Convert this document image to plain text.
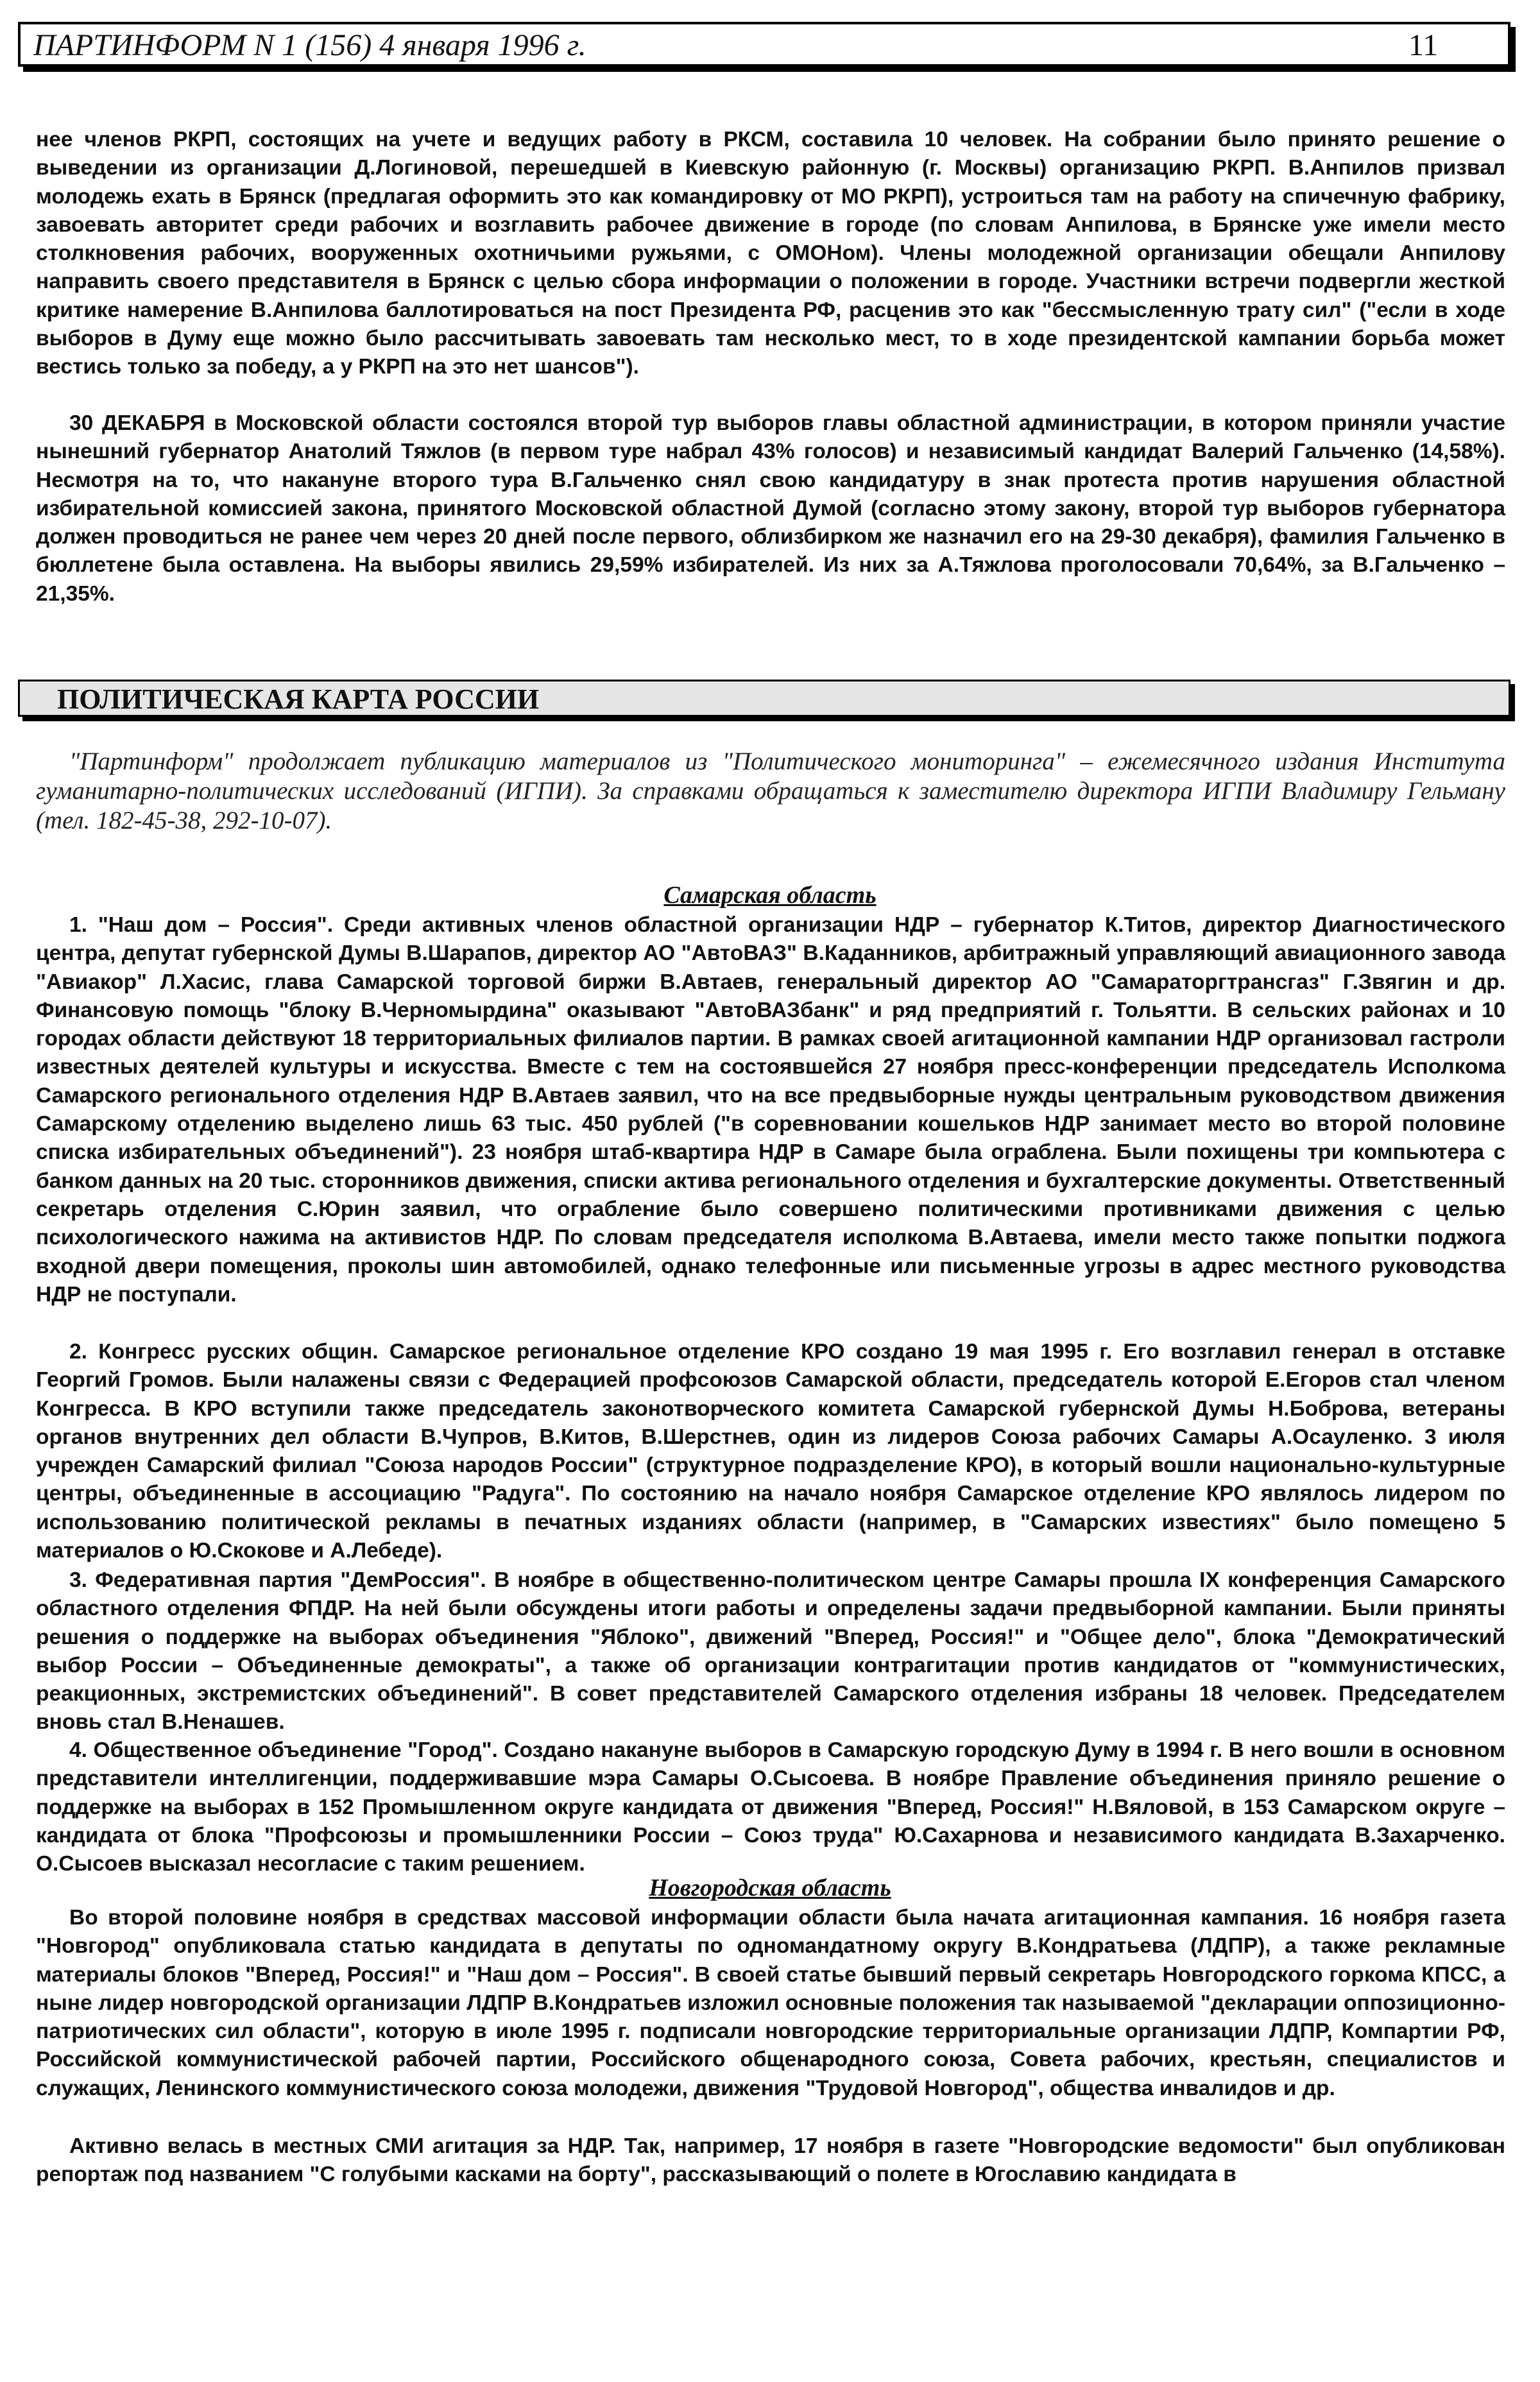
ПАРТИНФОРМ N 1 (156) 4 января 1996 г.	11

нее членов РКРП, состоящих на учете и ведущих работу в РКСМ, составила 10 человек. На собрании было принято решение о выведении из организации Д.Логиновой, перешедшей в Киевскую районную (г. Москвы) организацию РКРП. В.Анпилов призвал молодежь ехать в Брянск (предлагая оформить это как командировку от МО РКРП), устроиться там на работу на спичечную фабрику, завоевать авторитет среди рабочих и возглавить рабочее движение в городе (по словам Анпилова, в Брянске уже имели место столкновения рабочих, вооруженных охотничьими ружьями, с ОМОНом). Члены молодежной организации обещали Анпилову направить своего представителя в Брянск с целью сбора информации о положении в городе. Участники встречи подвергли жесткой критике намерение В.Анпилова баллотироваться на пост Президента РФ, расценив это как "бессмысленную трату сил" ("если в ходе выборов в Думу еще можно было рассчитывать завоевать там несколько мест, то в ходе президентской кампании борьба может вестись только за победу, а у РКРП на это нет шансов").

30 ДЕКАБРЯ в Московской области состоялся второй тур выборов главы областной администрации, в котором приняли участие нынешний губернатор Анатолий Тяжлов (в первом туре набрал 43% голосов) и независимый кандидат Валерий Гальченко (14,58%). Несмотря на то, что накануне второго тура В.Гальченко снял свою кандидатуру в знак протеста против нарушения областной избирательной комиссией закона, принятого Московской областной Думой (согласно этому закону, второй тур выборов губернатора должен проводиться не ранее чем через 20 дней после первого, облизбирком же назначил его на 29-30 декабря), фамилия Гальченко в бюллетене была оставлена. На выборы явились 29,59% избирателей. Из них за А.Тяжлова проголосовали 70,64%, за В.Гальченко – 21,35%.

ПОЛИТИЧЕСКАЯ КАРТА РОССИИ

"Партинформ" продолжает публикацию материалов из "Политического мониторинга" – ежемесячного издания Института гуманитарно-политических исследований (ИГПИ). За справками обращаться к заместителю директора ИГПИ Владимиру Гельману (тел. 182-45-38, 292-10-07).

Самарская область

1. "Наш дом – Россия". Среди активных членов областной организации НДР – губернатор К.Титов, директор Диагностического центра, депутат губернской Думы В.Шарапов, директор АО "АвтоВАЗ" В.Каданников, арбитражный управляющий авиационного завода "Авиакор" Л.Хасис, глава Самарской торговой биржи В.Автаев, генеральный директор АО "Самараторгтрансгаз" Г.Звягин и др. Финансовую помощь "блоку В.Черномырдина" оказывают "АвтоВАЗбанк" и ряд предприятий г. Тольятти. В сельских районах и 10 городах области действуют 18 территориальных филиалов партии. В рамках своей агитационной кампании НДР организовал гастроли известных деятелей культуры и искусства. Вместе с тем на состоявшейся 27 ноября пресс-конференции председатель Исполкома Самарского регионального отделения НДР В.Автаев заявил, что на все предвыборные нужды центральным руководством движения Самарскому отделению выделено лишь 63 тыс. 450 рублей ("в соревновании кошельков НДР занимает место во второй половине списка избирательных объединений"). 23 ноября штаб-квартира НДР в Самаре была ограблена. Были похищены три компьютера с банком данных на 20 тыс. сторонников движения, списки актива регионального отделения и бухгалтерские документы. Ответственный секретарь отделения С.Юрин заявил, что ограбление было совершено политическими противниками движения с целью психологического нажима на активистов НДР. По словам председателя исполкома В.Автаева, имели место также попытки поджога входной двери помещения, проколы шин автомобилей, однако телефонные или письменные угрозы в адрес местного руководства НДР не поступали.

2. Конгресс русских общин. Самарское региональное отделение КРО создано 19 мая 1995 г. Его возглавил генерал в отставке Георгий Громов. Были налажены связи с Федерацией профсоюзов Самарской области, председатель которой Е.Егоров стал членом Конгресса. В КРО вступили также председатель законотворческого комитета Самарской губернской Думы Н.Боброва, ветераны органов внутренних дел области В.Чупров, В.Китов, В.Шерстнев, один из лидеров Союза рабочих Самары А.Осауленко. 3 июля учрежден Самарский филиал "Союза народов России" (структурное подразделение КРО), в который вошли национально-культурные центры, объединенные в ассоциацию "Радуга". По состоянию на начало ноября Самарское отделение КРО являлось лидером по использованию политической рекламы в печатных изданиях области (например, в "Самарских известиях" было помещено 5 материалов о Ю.Скокове и А.Лебеде).

3. Федеративная партия "ДемРоссия". В ноябре в общественно-политическом центре Самары прошла IX конференция Самарского областного отделения ФПДР. На ней были обсуждены итоги работы и определены задачи предвыборной кампании. Были приняты решения о поддержке на выборах объединения "Яблоко", движений "Вперед, Россия!" и "Общее дело", блока "Демократический выбор России – Объединенные демократы", а также об организации контрагитации против кандидатов от "коммунистических, реакционных, экстремистских объединений". В совет представителей Самарского отделения избраны 18 человек. Председателем вновь стал В.Ненашев.

4. Общественное объединение "Город". Создано накануне выборов в Самарскую городскую Думу в 1994 г. В него вошли в основном представители интеллигенции, поддерживавшие мэра Самары О.Сысоева. В ноябре Правление объединения приняло решение о поддержке на выборах в 152 Промышленном округе кандидата от движения "Вперед, Россия!" Н.Вяловой, в 153 Самарском округе – кандидата от блока "Профсоюзы и промышленники России – Союз труда" Ю.Сахарнова и независимого кандидата В.Захарченко. О.Сысоев высказал несогласие с таким решением.

Новгородская область

Во второй половине ноября в средствах массовой информации области была начата агитационная кампания. 16 ноября газета "Новгород" опубликовала статью кандидата в депутаты по одномандатному округу В.Кондратьева (ЛДПР), а также рекламные материалы блоков "Вперед, Россия!" и "Наш дом – Россия". В своей статье бывший первый секретарь Новгородского горкома КПСС, а ныне лидер новгородской организации ЛДПР В.Кондратьев изложил основные положения так называемой "декларации оппозиционно-патриотических сил области", которую в июле 1995 г. подписали новгородские территориальные организации ЛДПР, Компартии РФ, Российской коммунистической рабочей партии, Российского общенародного союза, Совета рабочих, крестьян, специалистов и служащих, Ленинского коммунистического союза молодежи, движения "Трудовой Новгород", общества инвалидов и др.

Активно велась в местных СМИ агитация за НДР. Так, например, 17 ноября в газете "Новгородские ведомости" был опубликован репортаж под названием "С голубыми касками на борту", рассказывающий о полете в Югославию кандидата в
